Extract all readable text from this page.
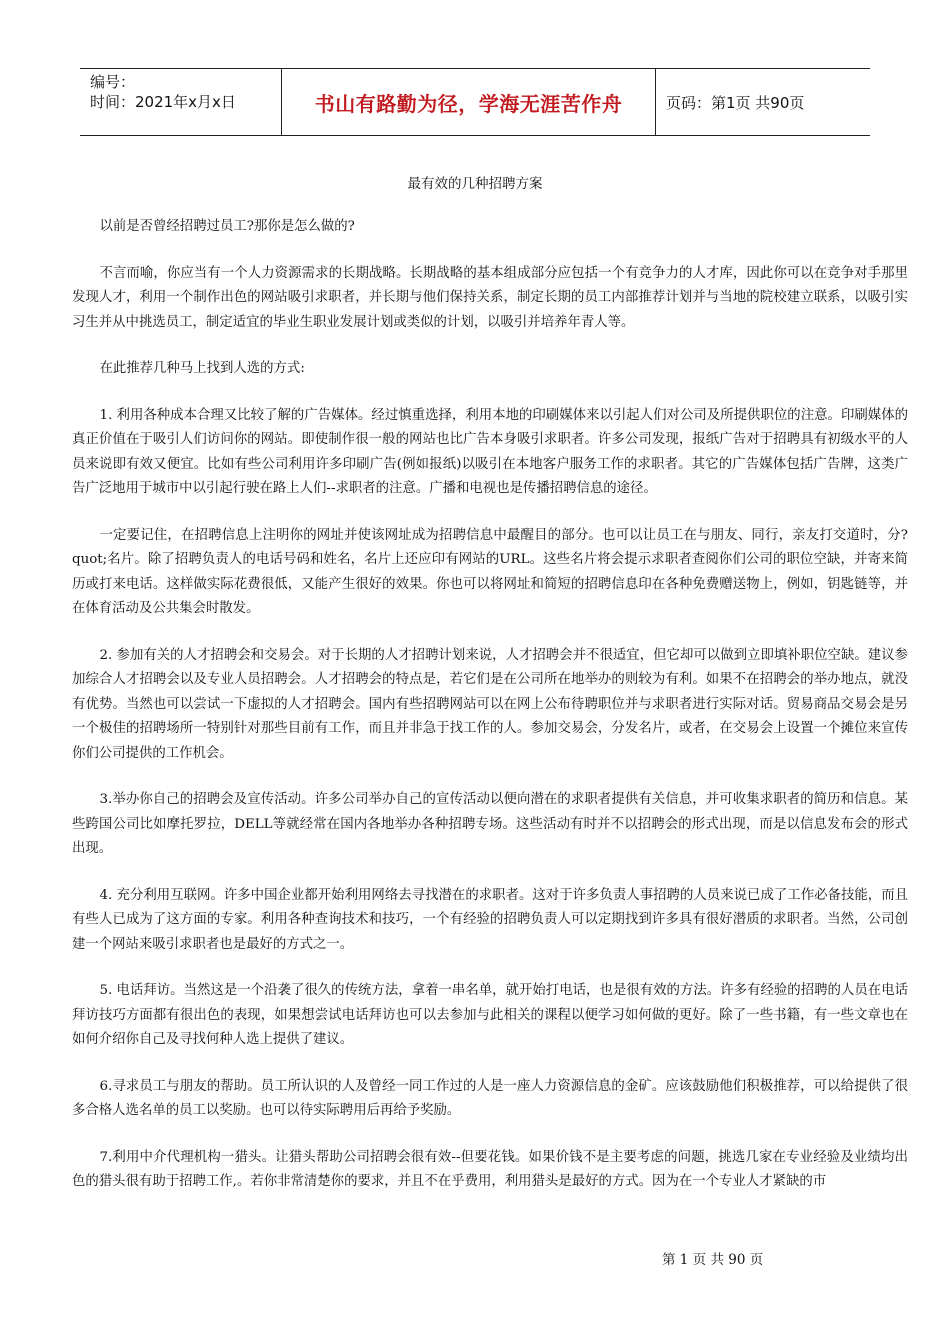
编号：
时间：2021年x月x日	书山有路勤为径，学海无涯苦作舟	页码：第1页 共90页
最有效的几种招聘方案

以前是否曾经招聘过员工?那你是怎么做的?

不言而喻，你应当有一个人力资源需求的长期战略。长期战略的基本组成部分应包括一个有竞争力的人才库，因此你可以在竞争对手那里发现人才，利用一个制作出色的网站吸引求职者，并长期与他们保持关系，制定长期的员工内部推荐计划并与当地的院校建立联系，以吸引实习生并从中挑选员工，制定适宜的毕业生职业发展计划或类似的计划，以吸引并培养年青人等。

在此推荐几种马上找到人选的方式:

1. 利用各种成本合理又比较了解的广告媒体。经过慎重选择，利用本地的印刷媒体来以引起人们对公司及所提供职位的注意。印刷媒体的真正价值在于吸引人们访问你的网站。即使制作很一般的网站也比广告本身吸引求职者。许多公司发现，报纸广告对于招聘具有初级水平的人员来说即有效又便宜。比如有些公司利用许多印刷广告(例如报纸)以吸引在本地客户服务工作的求职者。其它的广告媒体包括广告牌，这类广告广泛地用于城市中以引起行驶在路上人们--求职者的注意。广播和电视也是传播招聘信息的途径。

一定要记住，在招聘信息上注明你的网址并使该网址成为招聘信息中最醒目的部分。也可以让员工在与朋友、同行，亲友打交道时，分?quot;名片。除了招聘负责人的电话号码和姓名，名片上还应印有网站的URL。这些名片将会提示求职者查阅你们公司的职位空缺，并寄来简历或打来电话。这样做实际花费很低，又能产生很好的效果。你也可以将网址和简短的招聘信息印在各种免费赠送物上，例如，钥匙链等，并在体育活动及公共集会时散发。

2. 参加有关的人才招聘会和交易会。对于长期的人才招聘计划来说，人才招聘会并不很适宜，但它却可以做到立即填补职位空缺。建议参加综合人才招聘会以及专业人员招聘会。人才招聘会的特点是，若它们是在公司所在地举办的则较为有利。如果不在招聘会的举办地点，就没有优势。当然也可以尝试一下虚拟的人才招聘会。国内有些招聘网站可以在网上公布待聘职位并与求职者进行实际对话。贸易商品交易会是另一个极佳的招聘场所一特别针对那些目前有工作，而且并非急于找工作的人。参加交易会，分发名片，或者，在交易会上设置一个摊位来宣传你们公司提供的工作机会。

3.举办你自己的招聘会及宣传活动。许多公司举办自己的宣传活动以便向潜在的求职者提供有关信息，并可收集求职者的简历和信息。某些跨国公司比如摩托罗拉，DELL等就经常在国内各地举办各种招聘专场。这些活动有时并不以招聘会的形式出现，而是以信息发布会的形式出现。

4. 充分利用互联网。许多中国企业都开始利用网络去寻找潜在的求职者。这对于许多负责人事招聘的人员来说已成了工作必备技能，而且有些人已成为了这方面的专家。利用各种查询技术和技巧，一个有经验的招聘负责人可以定期找到许多具有很好潜质的求职者。当然，公司创建一个网站来吸引求职者也是最好的方式之一。

5. 电话拜访。当然这是一个沿袭了很久的传统方法，拿着一串名单，就开始打电话，也是很有效的方法。许多有经验的招聘的人员在电话拜访技巧方面都有很出色的表现，如果想尝试电话拜访也可以去参加与此相关的课程以便学习如何做的更好。除了一些书籍，有一些文章也在如何介绍你自己及寻找何种人选上提供了建议。

6.寻求员工与朋友的帮助。员工所认识的人及曾经一同工作过的人是一座人力资源信息的金矿。应该鼓励他们积极推荐，可以给提供了很多合格人选名单的员工以奖励。也可以待实际聘用后再给予奖励。

7.利用中介代理机构一猎头。让猎头帮助公司招聘会很有效--但要花钱。如果价钱不是主要考虑的问题，挑选几家在专业经验及业绩均出色的猎头很有助于招聘工作,。若你非常清楚你的要求，并且不在乎费用，利用猎头是最好的方式。因为在一个专业人才紧缺的市

第 1 页 共 90 页
